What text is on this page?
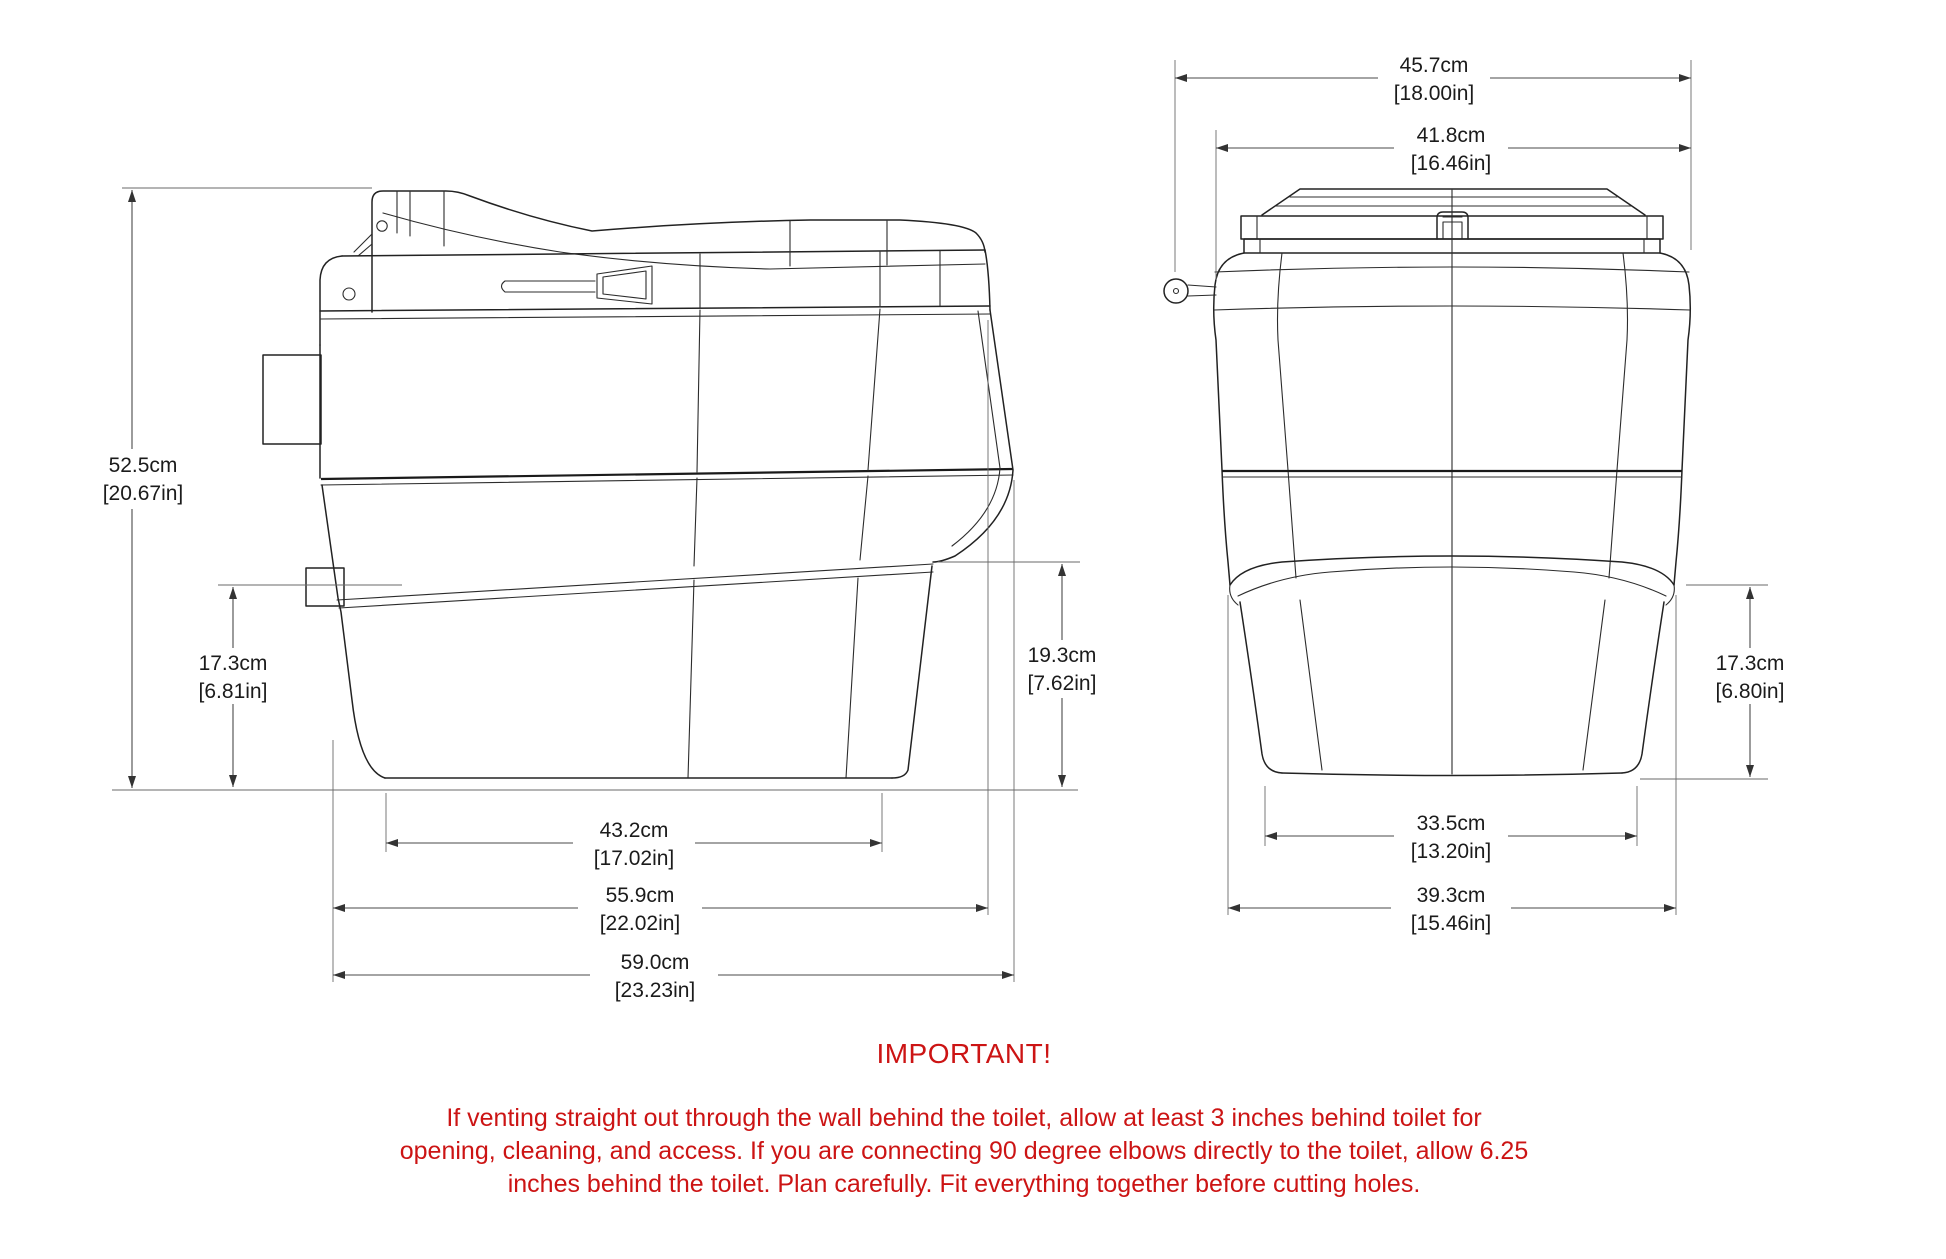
52.5cm
[20.67in]
17.3cm
[6.81in]
19.3cm
[7.62in]
43.2cm
[17.02in]
55.9cm
[22.02in]
59.0cm
[23.23in]
45.7cm
[18.00in]
41.8cm
[16.46in]
17.3cm
[6.80in]
33.5cm
[13.20in]
39.3cm
[15.46in]
IMPORTANT!
If venting straight out through the wall behind the toilet, allow at least 3 inches behind toilet for
opening, cleaning, and access. If you are connecting 90 degree elbows directly to the toilet, allow 6.25
inches behind the toilet. Plan carefully. Fit everything together before cutting holes.
